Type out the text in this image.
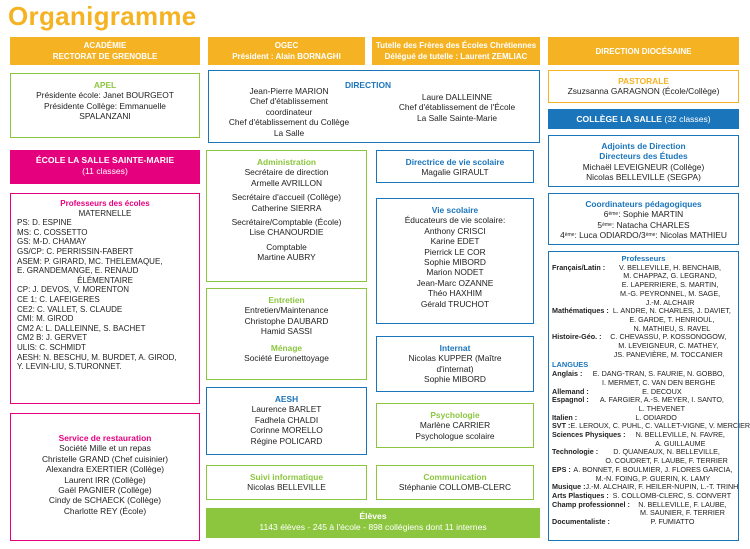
Organigramme
ACADÉMIE
RECTORAT DE GRENOBLE
OGEC
Président : Alain BORNAGHI
Tutelle des Frères des Écoles Chrétiennes
Délégué de tutelle : Laurent ZEMLIAC
DIRECTION DIOCÉSAINE
APEL
Présidente école: Janet BOURGEOT
Présidente Collège: Emmanuelle
SPALANZANI
DIRECTION
Jean-Pierre MARION
Chef d'établissement
coordinateur
Chef d'établissement du Collège
La Salle
Laure DALLEINNE
Chef d'établissement de l'École
La Salle Sainte-Marie
PASTORALE
Zsuzsanna GARAGNON (École/Collège)
COLLÈGE LA SALLE (32 classes)
ÉCOLE LA SALLE SAINTE-MARIE
(11 classes)
Professeurs des écoles
MATERNELLE
PS: D. ESPINE
MS: C. COSSETTO
GS: M-D. CHAMAY
GS/CP: C. PERRISSIN-FABERT
ASEM: P. GIRARD, MC. THELEMAQUE,
E. GRANDEMANGE, E. RENAUD
ÉLÉMENTAIRE
CP: J. DEVOS, V. MORENTON
CE 1: C. LAFEIGERES
CE2: C. VALLET, S. CLAUDE
CMI: M. GIROD
CM2 A: L. DALLEINNE, S. BACHET
CM2 B: J. GERVET
ULIS: C. SCHMIDT
AESH: N. BESCHU, M. BURDET, A. GIROD,
Y. LEVIN-LIU, S.TURONNET.
Service de restauration
Société Mille et un repas
Christelle GRAND (Chef cuisinier)
Alexandra EXERTIER (Collège)
Laurent IRR (Collège)
Gaël PAGNIER (Collège)
Cindy de SCHAECK (Collège)
Charlotte REY (École)
Administration
Secrétaire de direction
Armelle AVRILLON
Secrétaire d'accueil (Collège)
Catherine SIERRA
Secrétaire/Comptable (École)
Lise CHANOURDIE
Comptable
Martine AUBRY
Entretien
Entretien/Maintenance
Christophe DAUBARD
Hamid SASSI
Ménage
Société Euronettoyage
AESH
Laurence BARLET
Fadhela CHALDI
Corinne MORELLO
Régine POLICARD
Suivi informatique
Nicolas BELLEVILLE
Directrice de vie scolaire
Magalie GIRAULT
Vie scolaire
Éducateurs de vie scolaire:
Anthony CRISCI
Karine EDET
Pierrick LE COR
Sophie MIBORD
Marion NODET
Jean-Marc OZANNE
Théo HAXHIM
Gérald TRUCHOT
Internat
Nicolas KUPPER (Maître
d'internat)
Sophie MIBORD
Psychologie
Marlène CARRIER
Psychologue scolaire
Communication
Stéphanie COLLOMB-CLERC
Élèves
1143 élèves - 245 à l'école - 898 collégiens dont 11 internes
Adjoints de Direction
Directeurs des Études
Michaël LEVEIGNEUR (Collège)
Nicolas BELLEVILLE (SEGPA)
Coordinateurs pédagogiques
6ème: Sophie MARTIN
5ème: Natacha CHARLES
4ème: Luca ODIARDO/3ème: Nicolas MATHIEU
Professeurs
Français/Latin :	V. BELLEVILLE, H. BENCHAIB,
M. CHAPPAZ, G. LEGRAND,
E. LAPERRIERE, S. MARTIN,
M.-G. PEYRONNEL, M. SAGE,
J.-M. ALCHAIR
Mathématiques : L. ANDRE, N. CHARLES, J. DAVIET,
E. GARDE, T. HENRIOUL,
N. MATHIEU, S. RAVEL
Histoire-Géo. :	C. CHEVASSU, P. KOSSONOGOW,
M. LEVEIGNEUR, C. MATHEY,
JS. PANEVIÈRE, M. TOCCANIER
LANGUES
Anglais :	E. DANG-TRAN, S. FAURIE, N. GOBBO,
I. MERMET, C. VAN DEN BERGHE
Allemand :	E. DECOUX
Espagnol :	A. FARGIER, A.-S. MEYER, I. SANTO,
L. THEVENET
Italien :	L. ODIARDO
SVT : E. LEROUX, C. PUHL, C. VALLET-VIGNE, V. MERCIER
Sciences Physiques :	N. BELLEVILLE, N. FAVRE,
A. GUILLAUME
Technologie :	D. QUANEAUX, N. BELLEVILLE,
O. COUDRET, F. LAUBE, F. TERRIER
EPS : A. BONNET, F. BOULMIER, J. FLORES GARCIA,
M.-N. FOING, P. GUERIN, K. LAMY
Musique : J.-M. ALCHAIR, F. HEILER-NUPIN, L.-T. TRINH
Arts Plastiques : S. COLLOMB-CLERC, S. CONVERT
Champ professionnel :	N. BELLEVILLE, F. LAUBE,
M. SAUNIER, F. TERRIER
Documentaliste :	P. FUMIATTO
